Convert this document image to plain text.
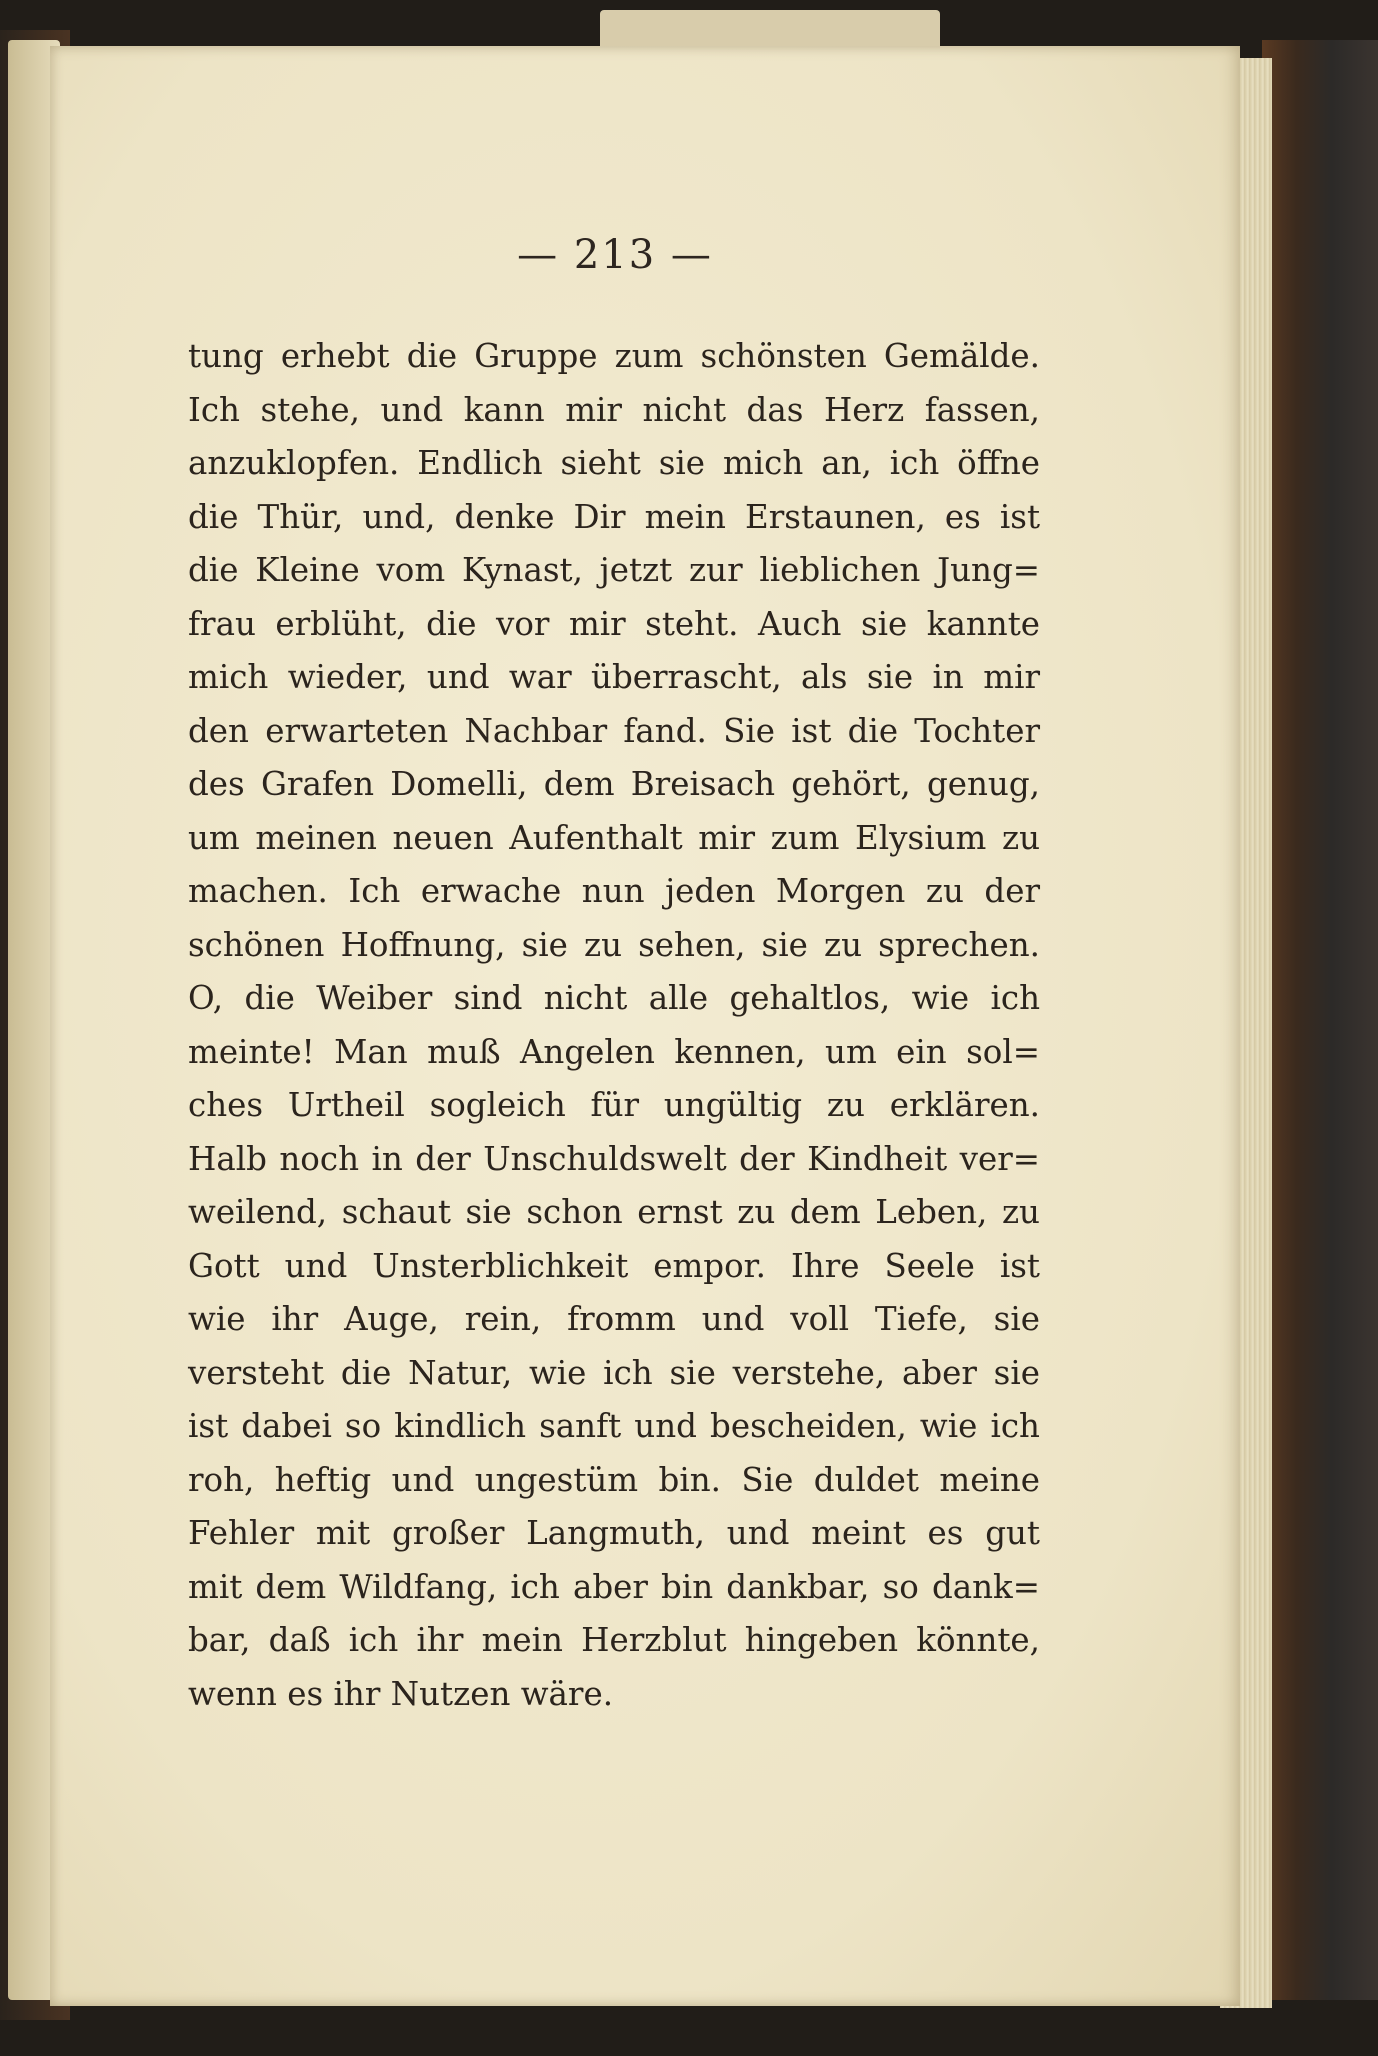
— 213 —
tung erhebt die Gruppe zum schönsten Gemälde.
Ich stehe, und kann mir nicht das Herz fassen,
anzuklopfen. Endlich sieht sie mich an, ich öffne
die Thür, und, denke Dir mein Erstaunen, es ist
die Kleine vom Kynast, jetzt zur lieblichen Jung=
frau erblüht, die vor mir steht. Auch sie kannte
mich wieder, und war überrascht, als sie in mir
den erwarteten Nachbar fand. Sie ist die Tochter
des Grafen Domelli, dem Breisach gehört, genug,
um meinen neuen Aufenthalt mir zum Elysium zu
machen. Ich erwache nun jeden Morgen zu der
schönen Hoffnung, sie zu sehen, sie zu sprechen.
O, die Weiber sind nicht alle gehaltlos, wie ich
meinte! Man muß Angelen kennen, um ein sol=
ches Urtheil sogleich für ungültig zu erklären.
Halb noch in der Unschuldswelt der Kindheit ver=
weilend, schaut sie schon ernst zu dem Leben, zu
Gott und Unsterblichkeit empor. Ihre Seele ist
wie ihr Auge, rein, fromm und voll Tiefe, sie
versteht die Natur, wie ich sie verstehe, aber sie
ist dabei so kindlich sanft und bescheiden, wie ich
roh, heftig und ungestüm bin. Sie duldet meine
Fehler mit großer Langmuth, und meint es gut
mit dem Wildfang, ich aber bin dankbar, so dank=
bar, daß ich ihr mein Herzblut hingeben könnte,
wenn es ihr Nutzen wäre.
